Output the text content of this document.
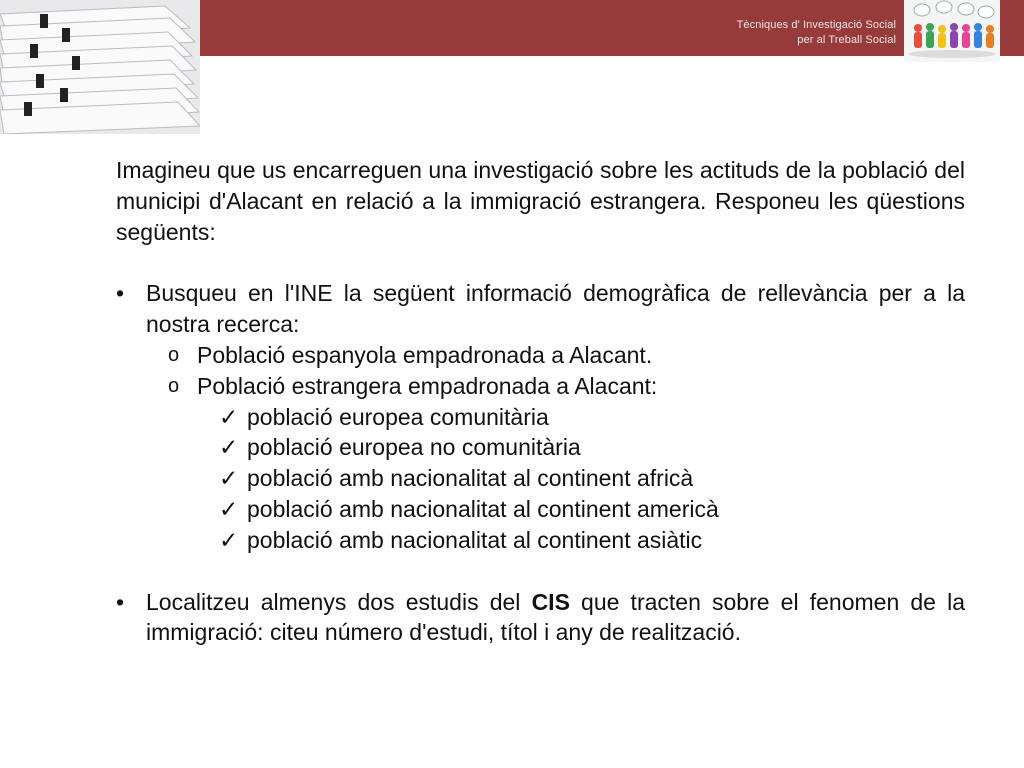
Tècniques d' Investigació Social
per al Treball Social
Imagineu que us encarreguen una investigació sobre les actituds de la població del municipi d'Alacant en relació a la immigració estrangera. Responeu les qüestions següents:
• Busqueu en l'INE la següent informació demogràfica de rellevància per a la nostra recerca:
o Població espanyola empadronada a Alacant.
o Població estrangera empadronada a Alacant:
✓ població europea comunitària
✓ població europea no comunitària
✓ població amb nacionalitat al continent africà
✓ població amb nacionalitat al continent americà
✓ població amb nacionalitat al continent asiàtic
• Localitzeu almenys dos estudis del CIS que tracten sobre el fenomen de la immigració: citeu número d'estudi, títol i any de realització.
